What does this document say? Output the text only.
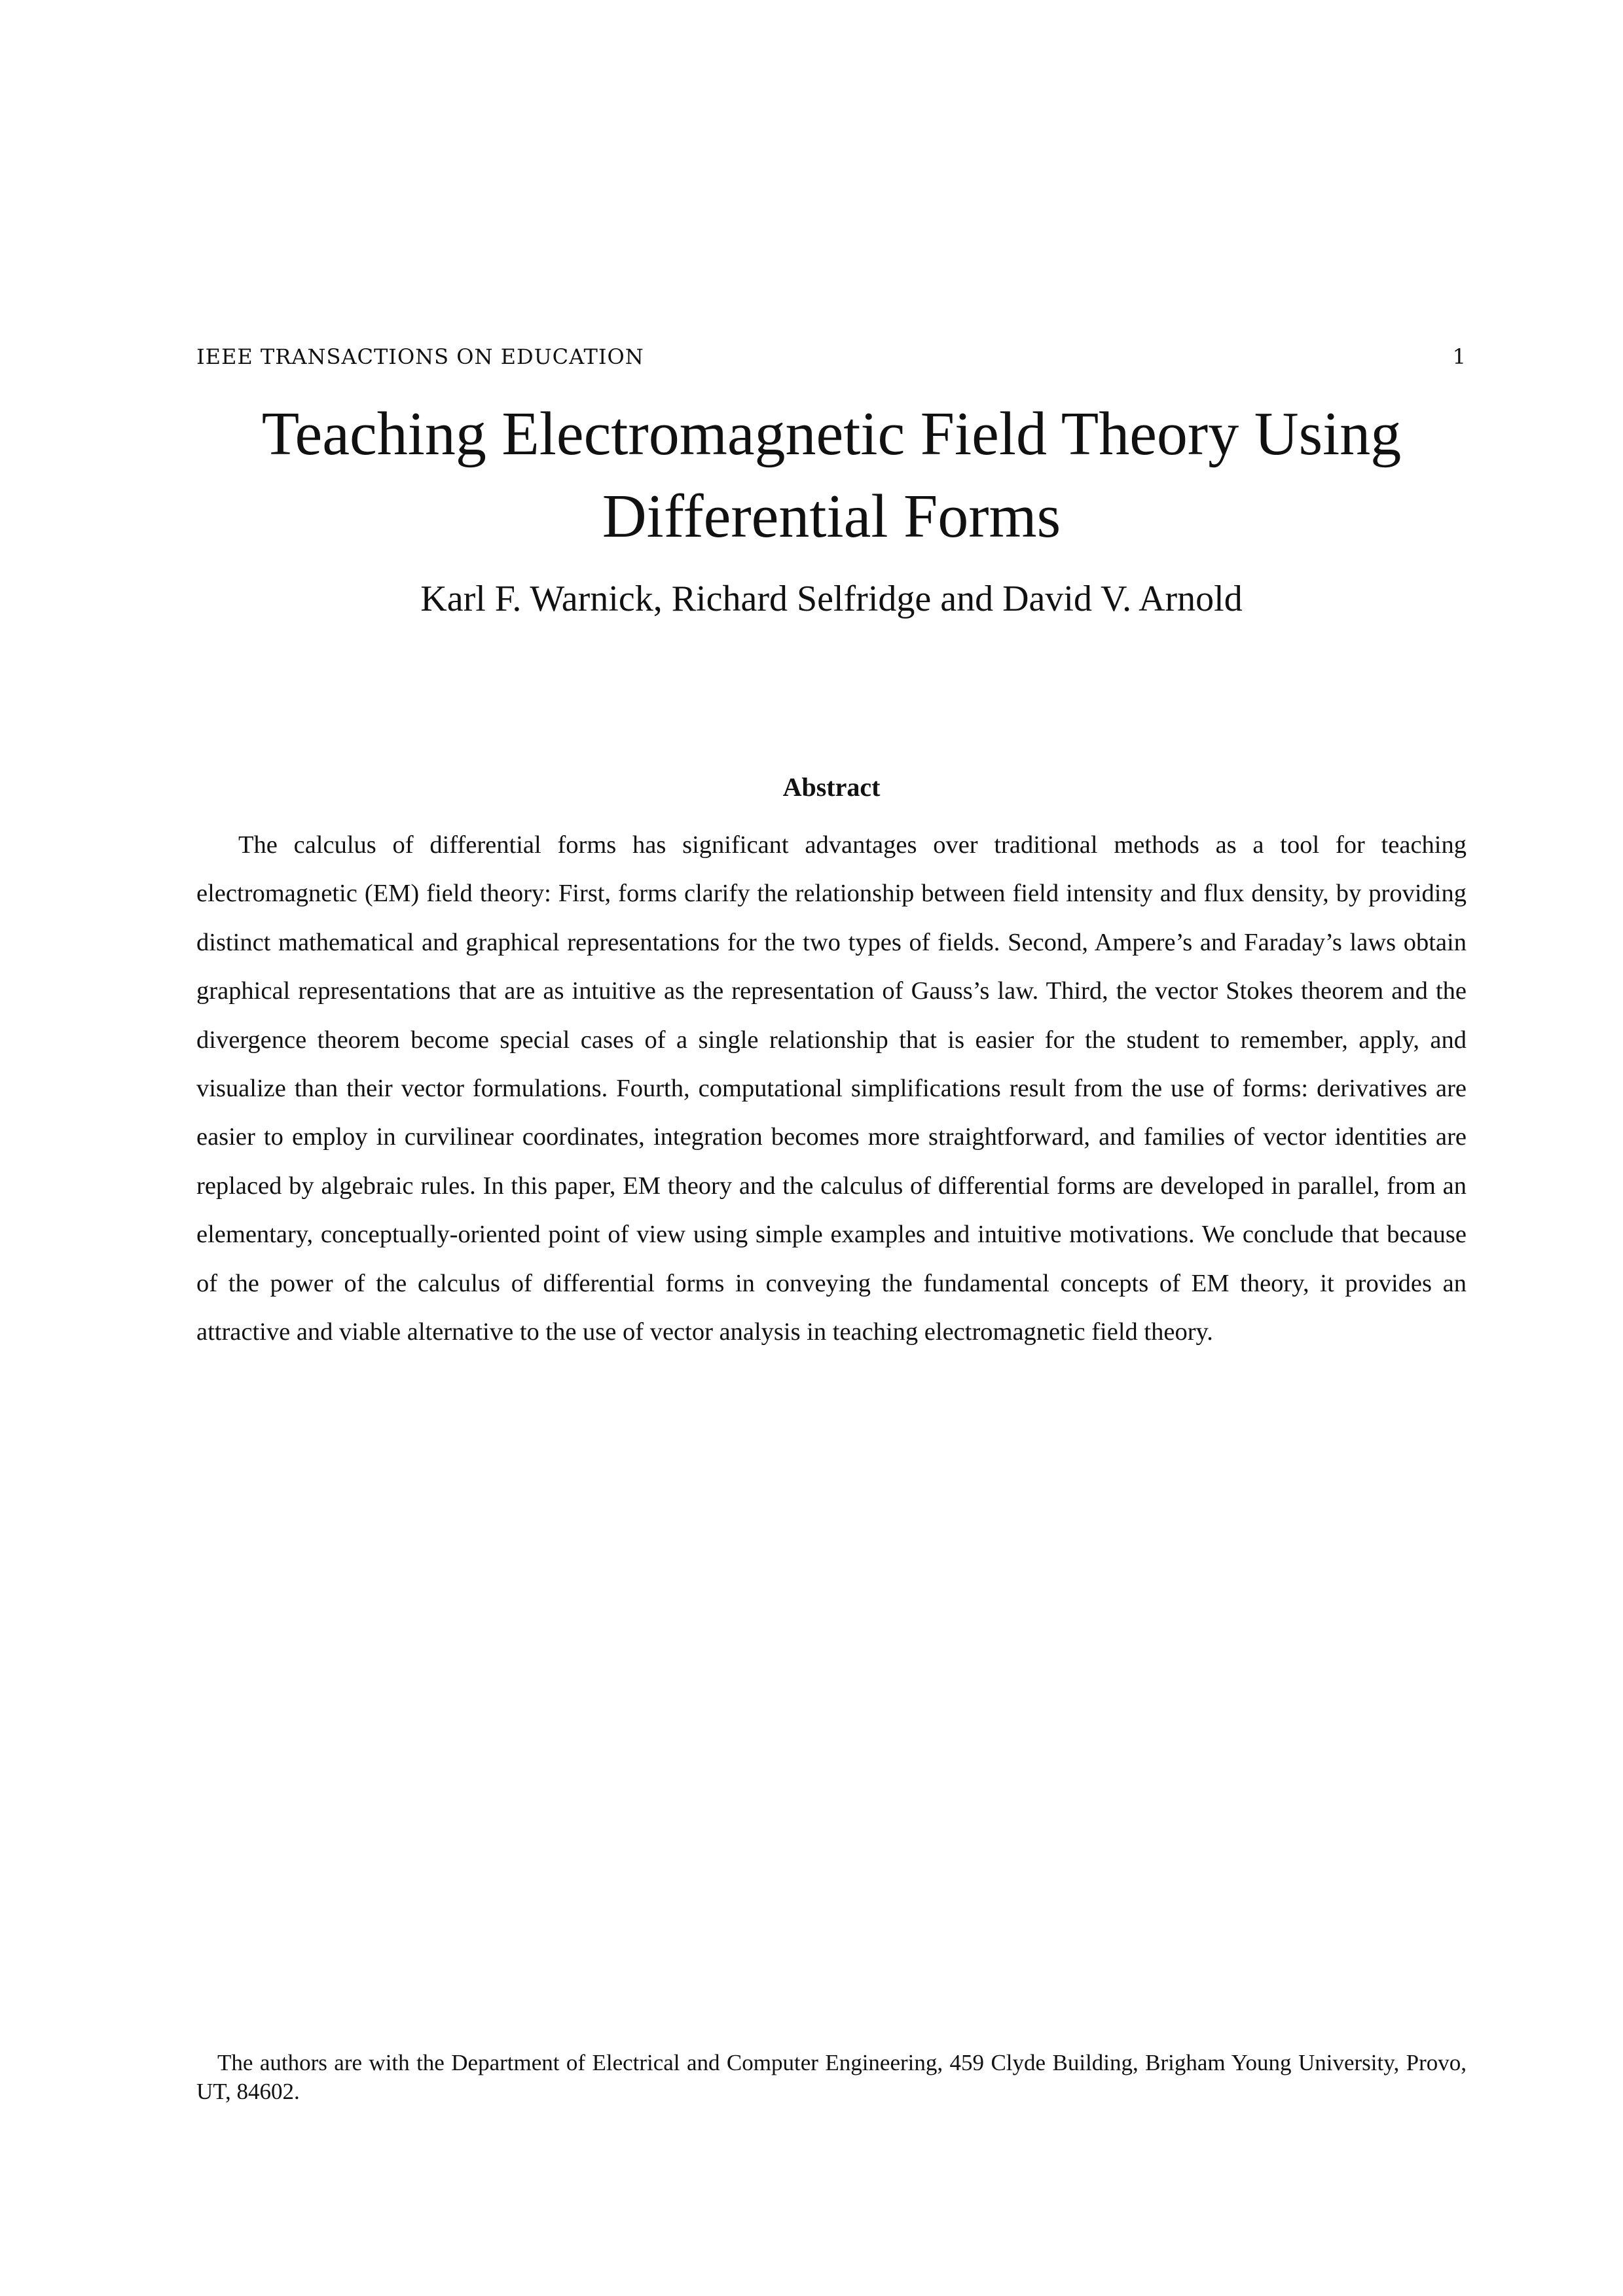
IEEE TRANSACTIONS ON EDUCATION	1
Teaching Electromagnetic Field Theory Using Differential Forms
Karl F. Warnick, Richard Selfridge and David V. Arnold
Abstract

The calculus of differential forms has significant advantages over traditional methods as a tool for teaching electromagnetic (EM) field theory: First, forms clarify the relationship between field intensity and flux density, by providing distinct mathematical and graphical representations for the two types of fields. Second, Ampere’s and Faraday’s laws obtain graphical representations that are as intuitive as the representation of Gauss’s law. Third, the vector Stokes theorem and the divergence theorem become special cases of a single relationship that is easier for the student to remember, apply, and visualize than their vector formulations. Fourth, computational simplifications result from the use of forms: derivatives are easier to employ in curvilinear coordinates, integration becomes more straightforward, and families of vector identities are replaced by algebraic rules. In this paper, EM theory and the calculus of differential forms are developed in parallel, from an elementary, conceptually-oriented point of view using simple examples and intuitive motivations. We conclude that because of the power of the calculus of differential forms in conveying the fundamental concepts of EM theory, it provides an attractive and viable alternative to the use of vector analysis in teaching electromagnetic field theory.

The authors are with the Department of Electrical and Computer Engineering, 459 Clyde Building, Brigham Young University, Provo, UT, 84602.
